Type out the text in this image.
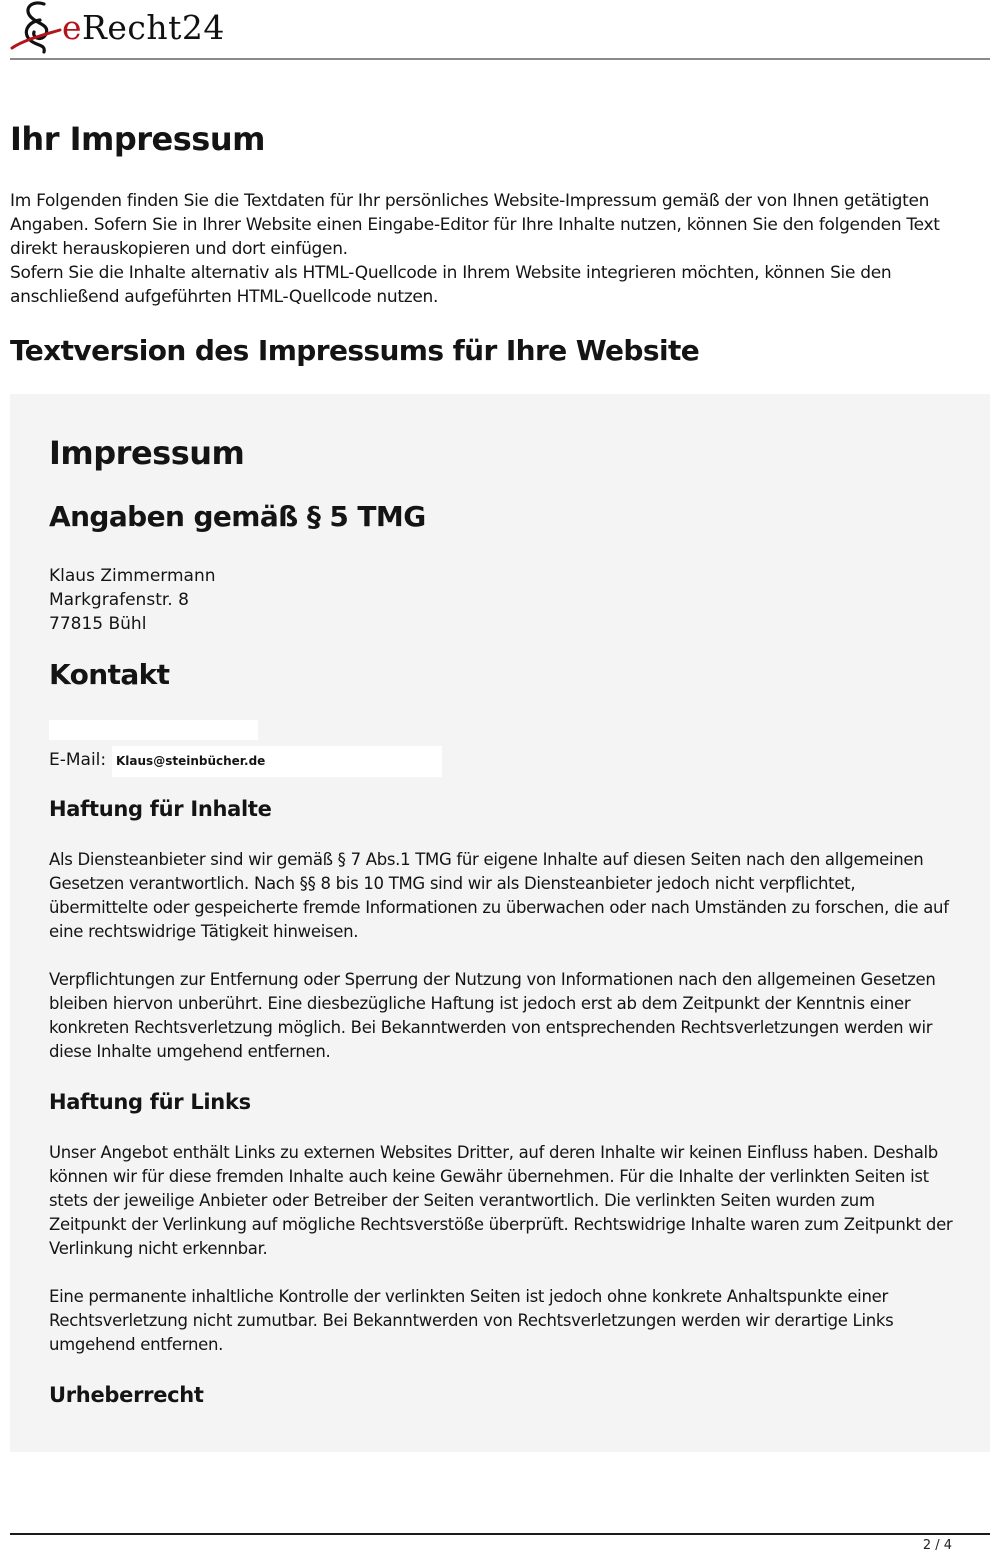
eRecht24
Ihr Impressum

Im Folgenden finden Sie die Textdaten für Ihr persönliches Website-Impressum gemäß der von Ihnen getätigten Angaben. Sofern Sie in Ihrer Website einen Eingabe-Editor für Ihre Inhalte nutzen, können Sie den folgenden Text direkt herauskopieren und dort einfügen.

Sofern Sie die Inhalte alternativ als HTML-Quellcode in Ihrem Website integrieren möchten, können Sie den anschließend aufgeführten HTML-Quellcode nutzen.

Textversion des Impressums für Ihre Website
Impressum
Angaben gemäß § 5 TMG
Klaus Zimmermann
Markgrafenstr. 8
77815 Bühl
Kontakt
E-Mail: Klaus@steinbücher.de
Haftung für Inhalte

Als Diensteanbieter sind wir gemäß § 7 Abs.1 TMG für eigene Inhalte auf diesen Seiten nach den allgemeinen Gesetzen verantwortlich. Nach §§ 8 bis 10 TMG sind wir als Diensteanbieter jedoch nicht verpflichtet, übermittelte oder gespeicherte fremde Informationen zu überwachen oder nach Umständen zu forschen, die auf eine rechtswidrige Tätigkeit hinweisen.

Verpflichtungen zur Entfernung oder Sperrung der Nutzung von Informationen nach den allgemeinen Gesetzen bleiben hiervon unberührt. Eine diesbezügliche Haftung ist jedoch erst ab dem Zeitpunkt der Kenntnis einer konkreten Rechtsverletzung möglich. Bei Bekanntwerden von entsprechenden Rechtsverletzungen werden wir diese Inhalte umgehend entfernen.

Haftung für Links

Unser Angebot enthält Links zu externen Websites Dritter, auf deren Inhalte wir keinen Einfluss haben. Deshalb können wir für diese fremden Inhalte auch keine Gewähr übernehmen. Für die Inhalte der verlinkten Seiten ist stets der jeweilige Anbieter oder Betreiber der Seiten verantwortlich. Die verlinkten Seiten wurden zum Zeitpunkt der Verlinkung auf mögliche Rechtsverstöße überprüft. Rechtswidrige Inhalte waren zum Zeitpunkt der Verlinkung nicht erkennbar.

Eine permanente inhaltliche Kontrolle der verlinkten Seiten ist jedoch ohne konkrete Anhaltspunkte einer Rechtsverletzung nicht zumutbar. Bei Bekanntwerden von Rechtsverletzungen werden wir derartige Links umgehend entfernen.

Urheberrecht
2 / 4
